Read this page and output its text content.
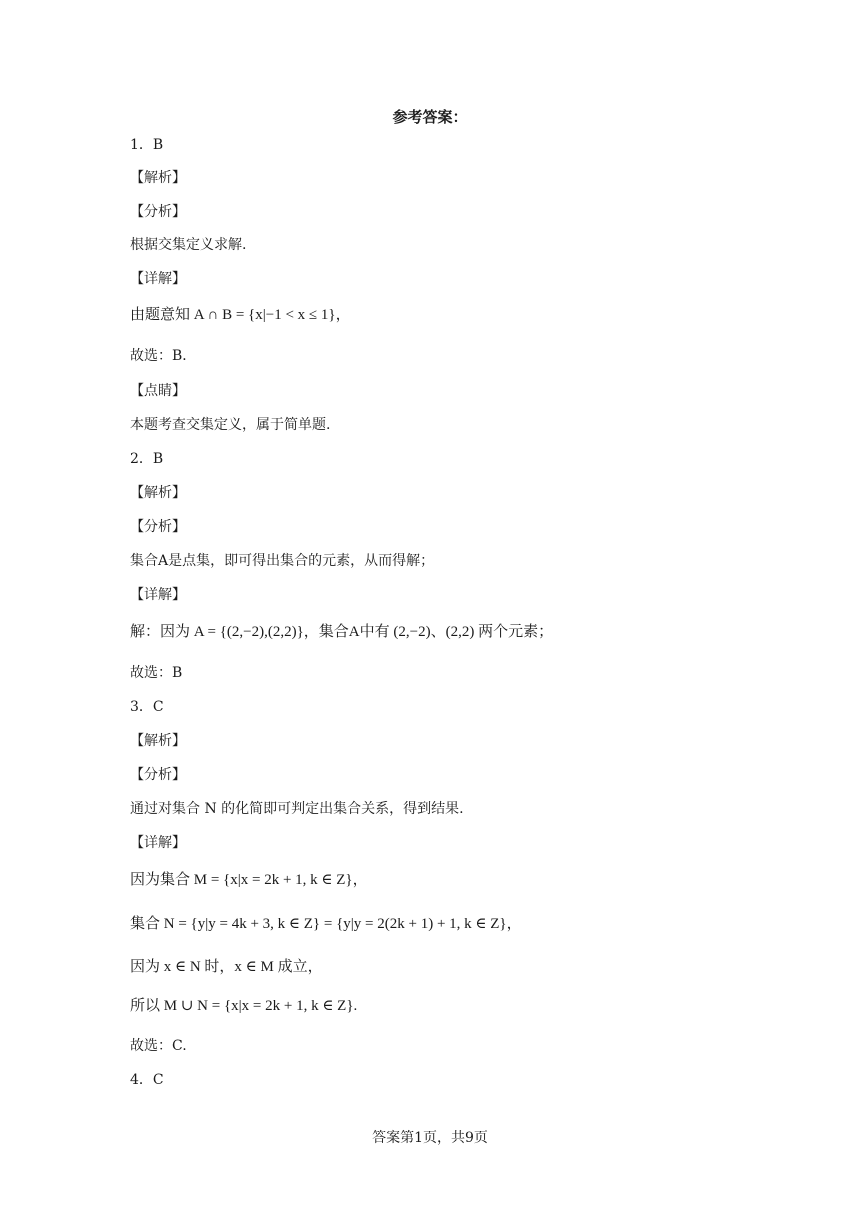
参考答案：
1．B
【解析】
【分析】
根据交集定义求解.
【详解】
由题意知 A ∩ B = {x|−1 < x ≤ 1}，
故选：B．
【点睛】
本题考查交集定义，属于简单题.
2．B
【解析】
【分析】
集合A是点集，即可得出集合的元素，从而得解；
【详解】
解：因为 A = {(2,−2),(2,2)}，集合A中有 (2,−2)、(2,2) 两个元素；
故选：B
3．C
【解析】
【分析】
通过对集合 N 的化简即可判定出集合关系，得到结果.
【详解】
因为集合 M = {x|x = 2k + 1, k ∈ Z}，
集合 N = {y|y = 4k + 3, k ∈ Z} = {y|y = 2(2k + 1) + 1, k ∈ Z}，
因为 x ∈ N 时，x ∈ M 成立，
所以 M ∪ N = {x|x = 2k + 1, k ∈ Z}.
故选：C.
4．C
答案第1页，共9页
